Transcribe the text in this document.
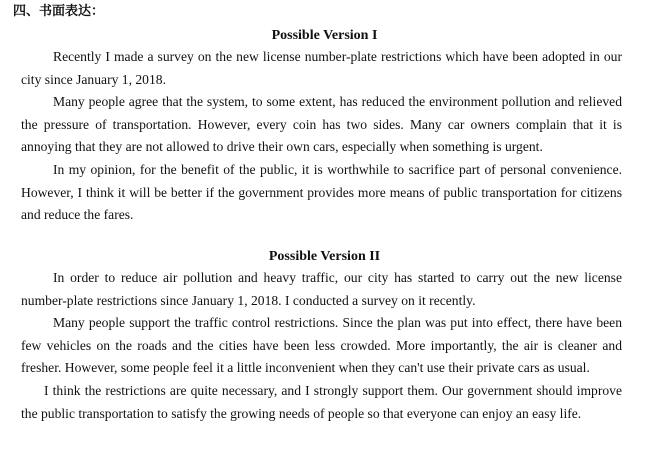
四、书面表达：
Possible Version I

Recently I made a survey on the new license number-plate restrictions which have been adopted in our city since January 1, 2018.

Many people agree that the system, to some extent, has reduced the environment pollution and relieved the pressure of transportation. However, every coin has two sides. Many car owners complain that it is annoying that they are not allowed to drive their own cars, especially when something is urgent.

In my opinion, for the benefit of the public, it is worthwhile to sacrifice part of personal convenience. However, I think it will be better if the government provides more means of public transportation for citizens and reduce the fares.

Possible Version II

In order to reduce air pollution and heavy traffic, our city has started to carry out the new license number-plate restrictions since January 1, 2018. I conducted a survey on it recently.

Many people support the traffic control restrictions. Since the plan was put into effect, there have been few vehicles on the roads and the cities have been less crowded. More importantly, the air is cleaner and fresher. However, some people feel it a little inconvenient when they can't use their private cars as usual.

I think the restrictions are quite necessary, and I strongly support them. Our government should improve the public transportation to satisfy the growing needs of people so that everyone can enjoy an easy life.
